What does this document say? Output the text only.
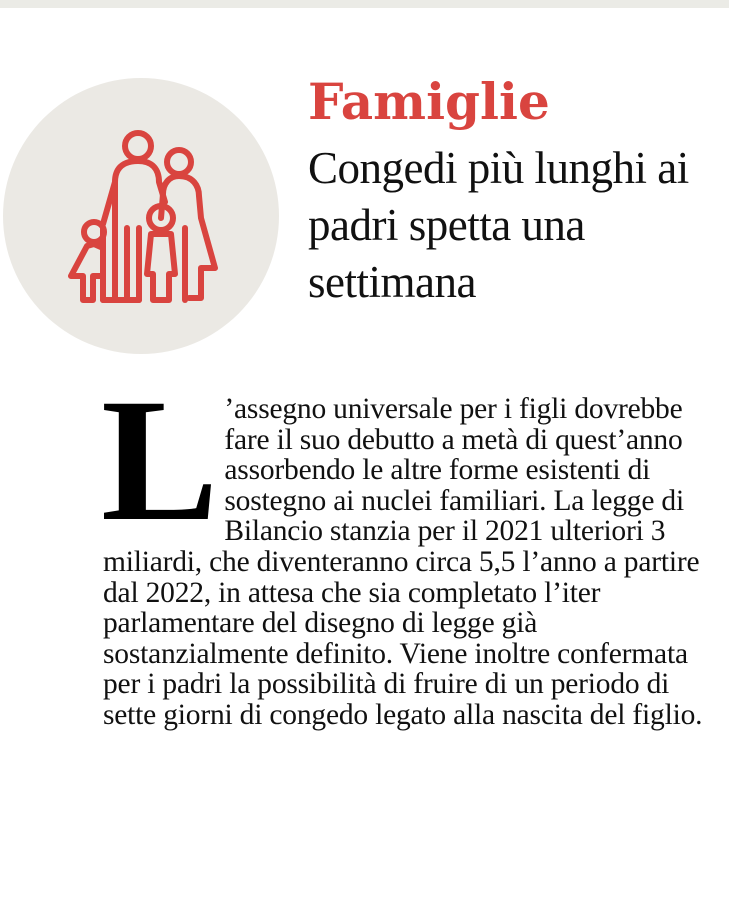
Famiglie
Congedi più lunghi ai padri spetta una settimana

L ’assegno universale per i figli dovrebbe fare il suo debutto a metà di quest’anno assorbendo le altre forme esistenti di sostegno ai nuclei familiari. La legge di Bilancio stanzia per il 2021 ulteriori 3 miliardi, che diventeranno circa 5,5 l’anno a partire dal 2022, in attesa che sia completato l’iter parlamentare del disegno di legge già sostanzialmente definito. Viene inoltre confermata per i padri la possibilità di fruire di un periodo di sette giorni di congedo legato alla nascita del figlio.
